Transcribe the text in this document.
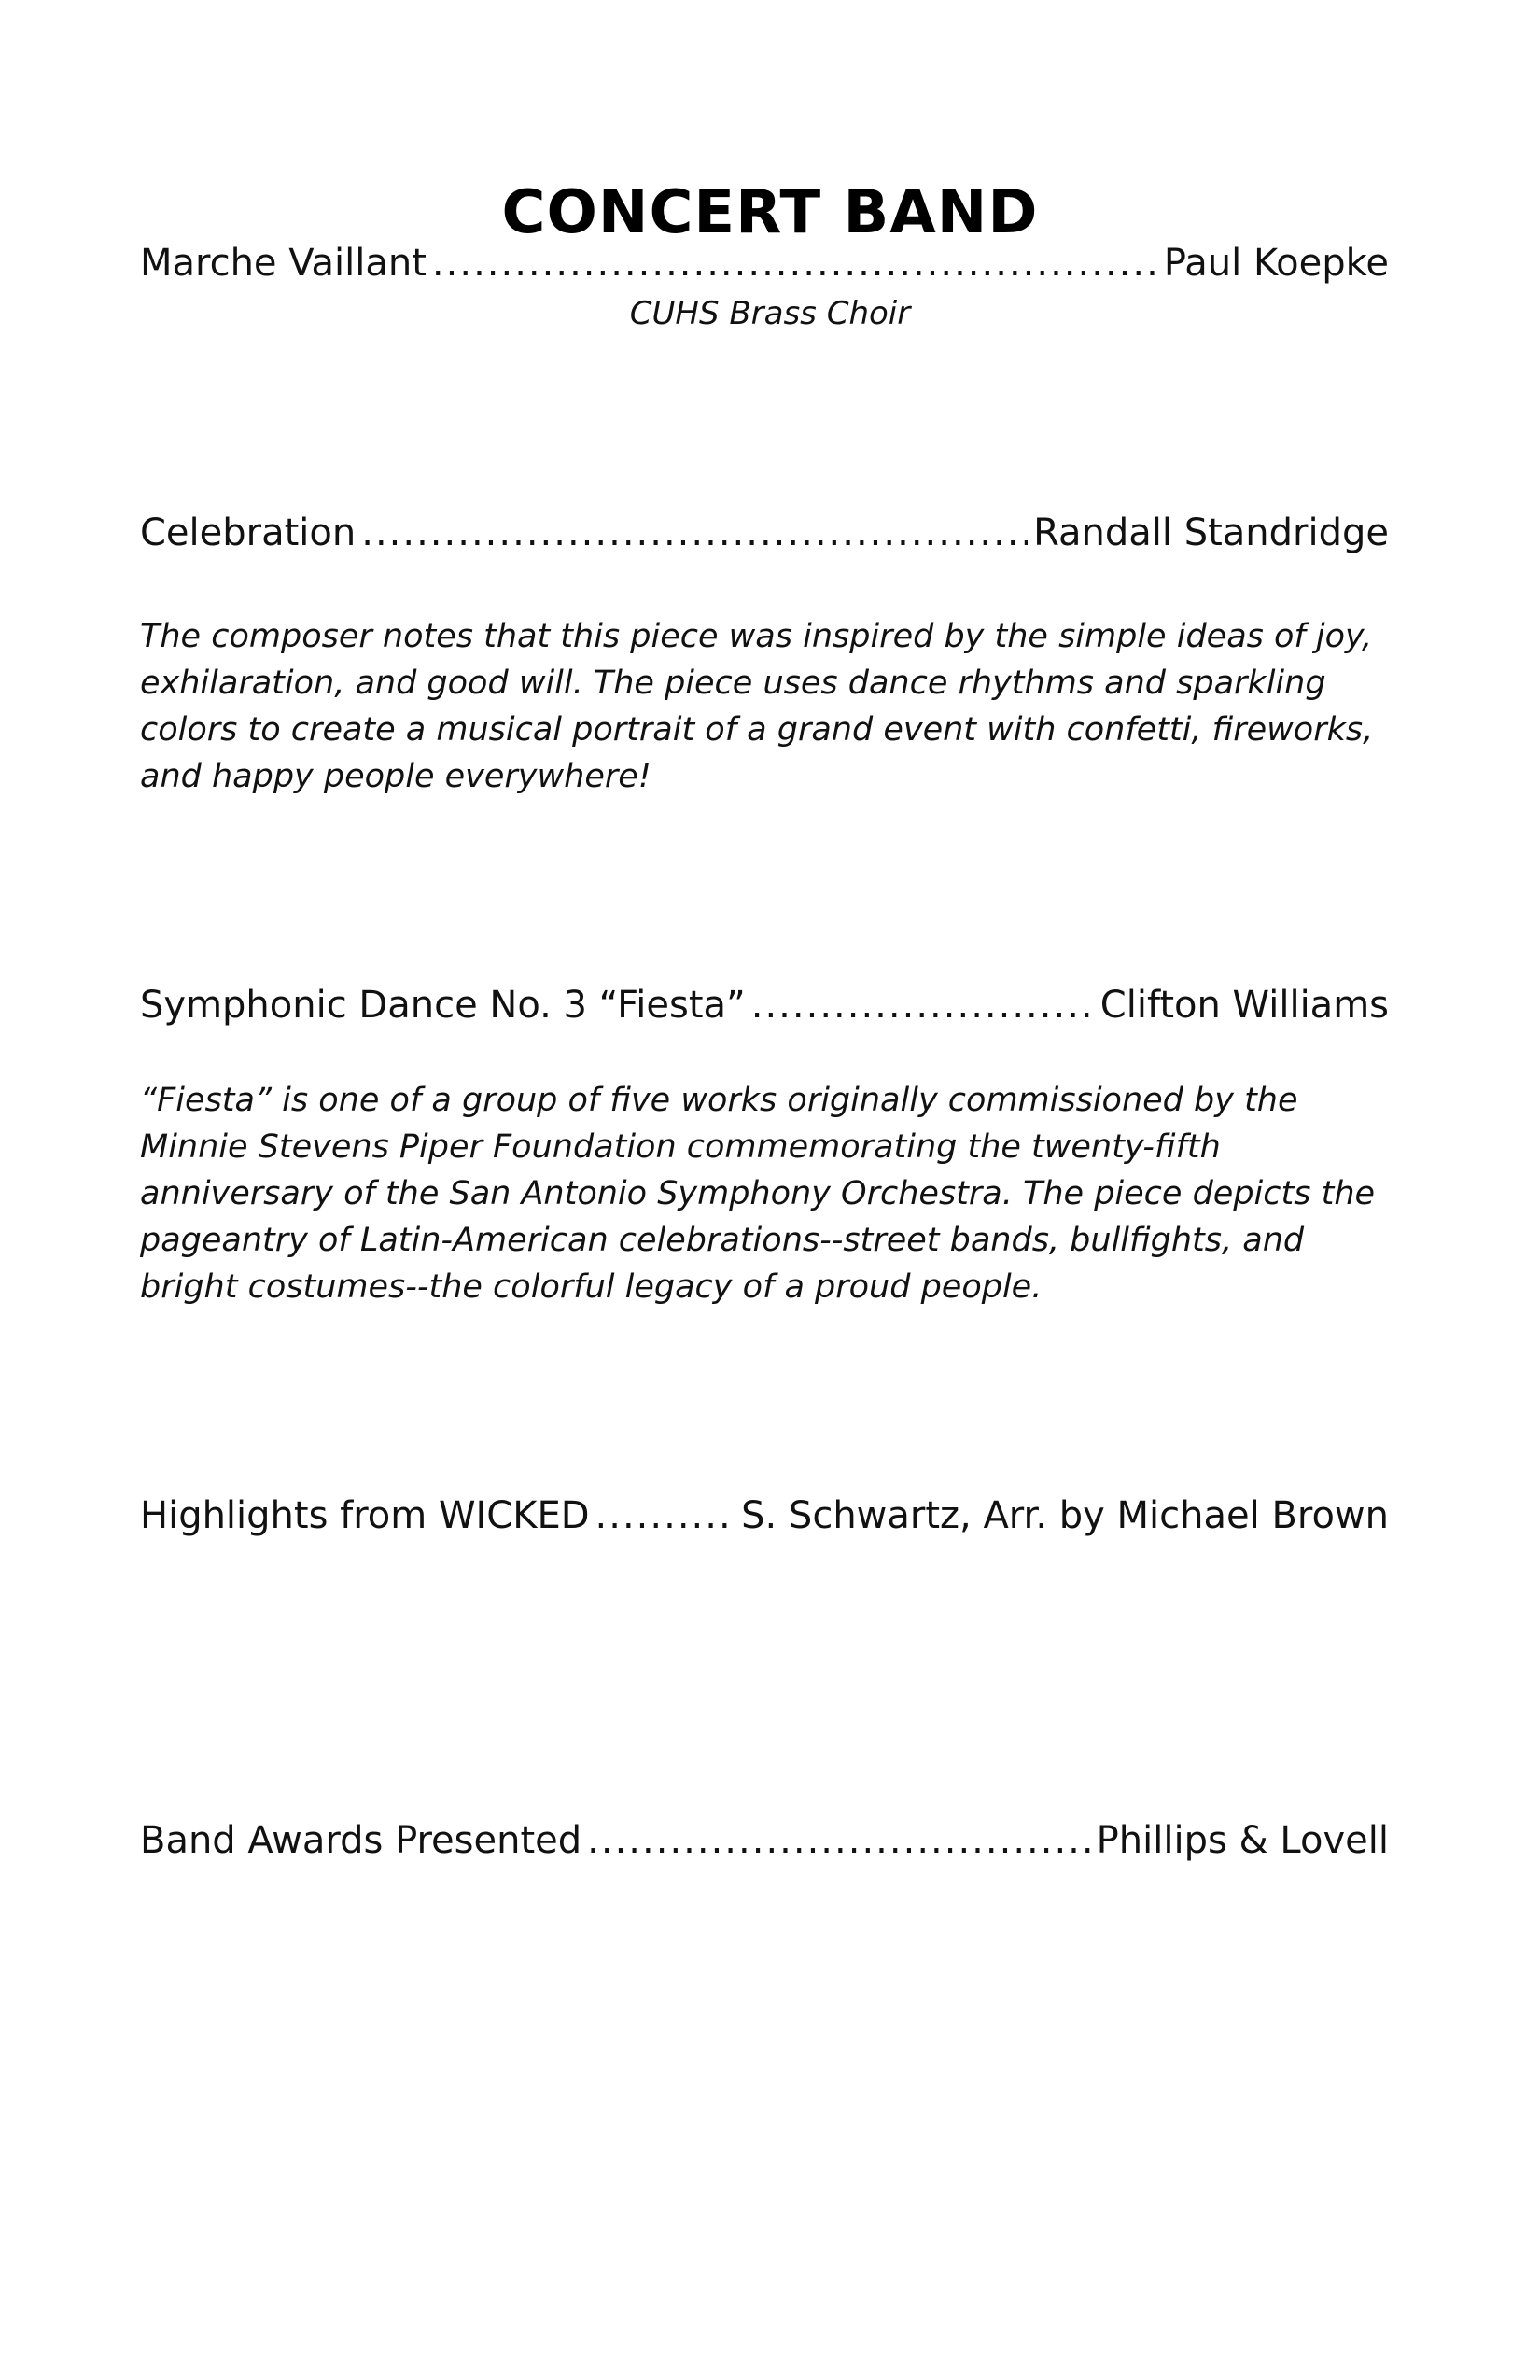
CONCERT BAND
Marche Vaillant .....	Paul Koepke
CUHS Brass Choir
Celebration .....	Randall Standridge

The composer notes that this piece was inspired by the simple ideas of joy, exhilaration, and good will. The piece uses dance rhythms and sparkling colors to create a musical portrait of a grand event with confetti, fireworks, and happy people everywhere!

Symphonic Dance No. 3 “Fiesta” .....	Clifton Williams

“Fiesta” is one of a group of five works originally commissioned by the Minnie Stevens Piper Foundation commemorating the twenty-fifth anniversary of the San Antonio Symphony Orchestra. The piece depicts the pageantry of Latin-American celebrations--street bands, bullfights, and bright costumes--the colorful legacy of a proud people.

Highlights from WICKED .....	S. Schwartz, Arr. by Michael Brown
Band Awards Presented .....	Phillips & Lovell
